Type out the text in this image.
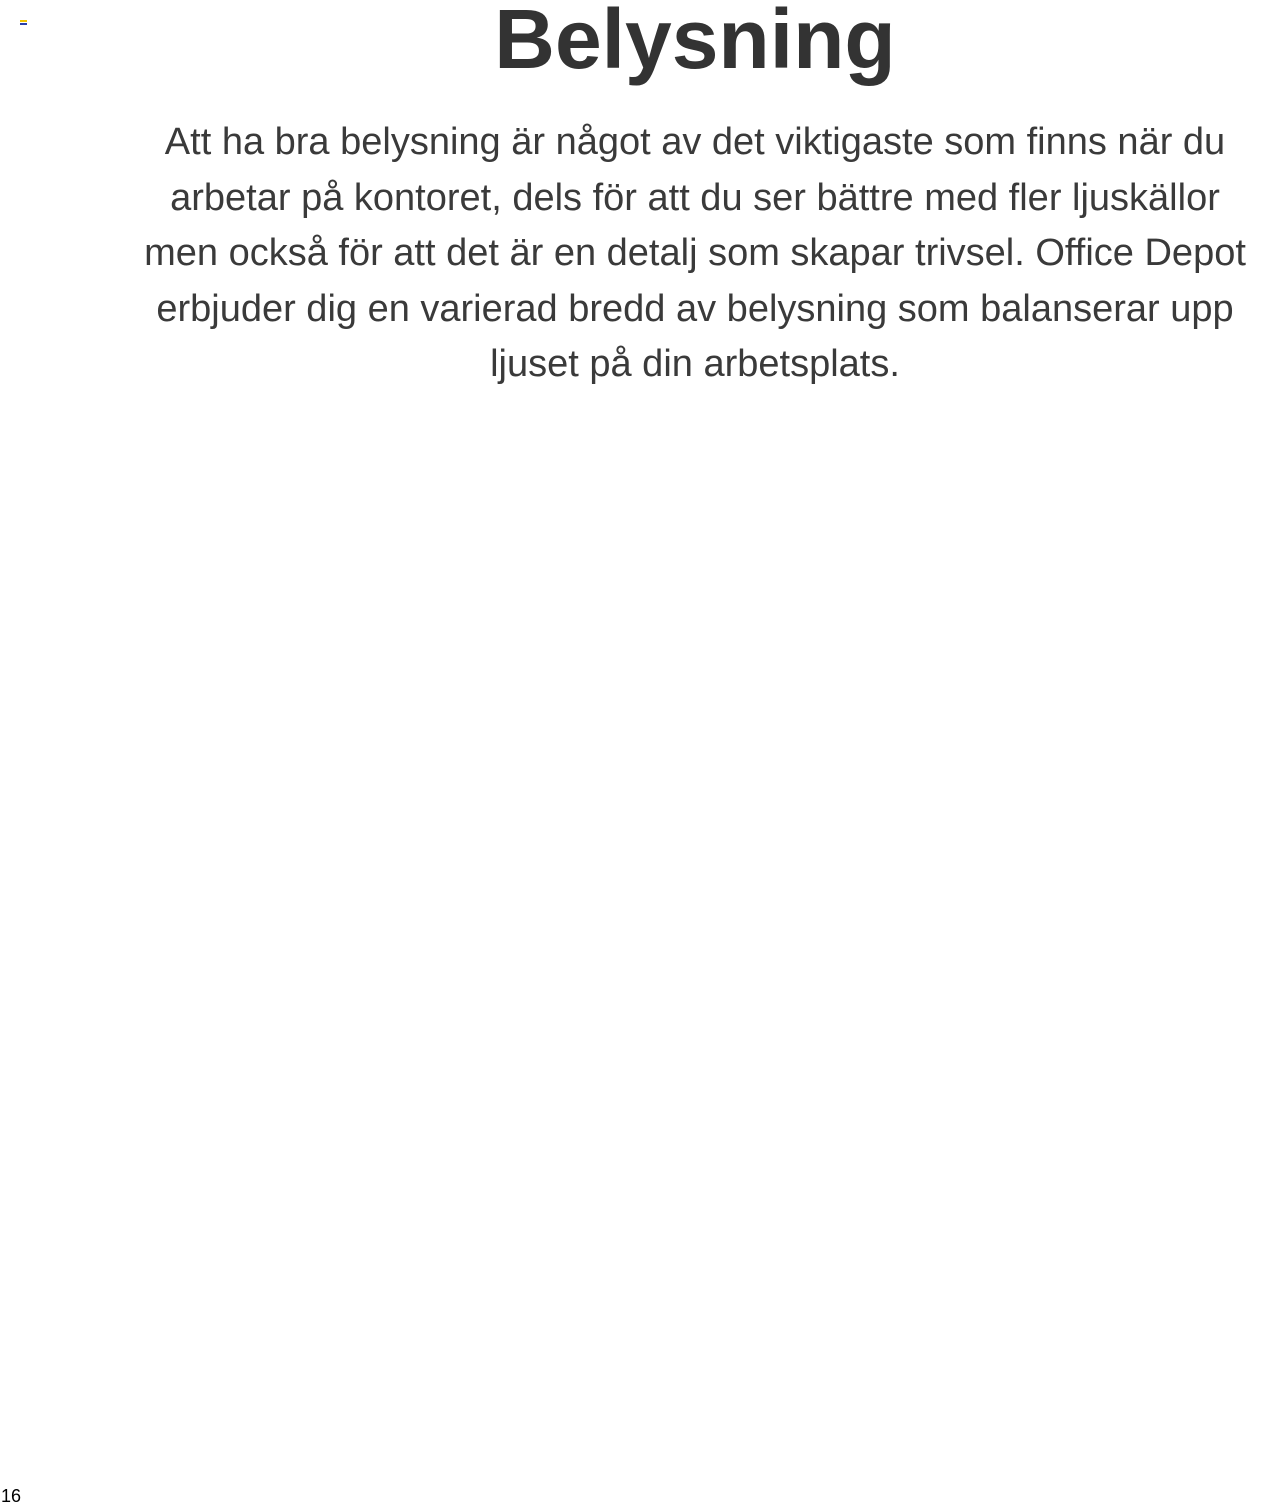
Belysning

Att ha bra belysning är något av det viktigaste som finns när du
arbetar på kontoret, dels för att du ser bättre med fler ljuskällor
men också för att det är en detalj som skapar trivsel. Office Depot
erbjuder dig en varierad bredd av belysning som balanserar upp
ljuset på din arbetsplats.

16
